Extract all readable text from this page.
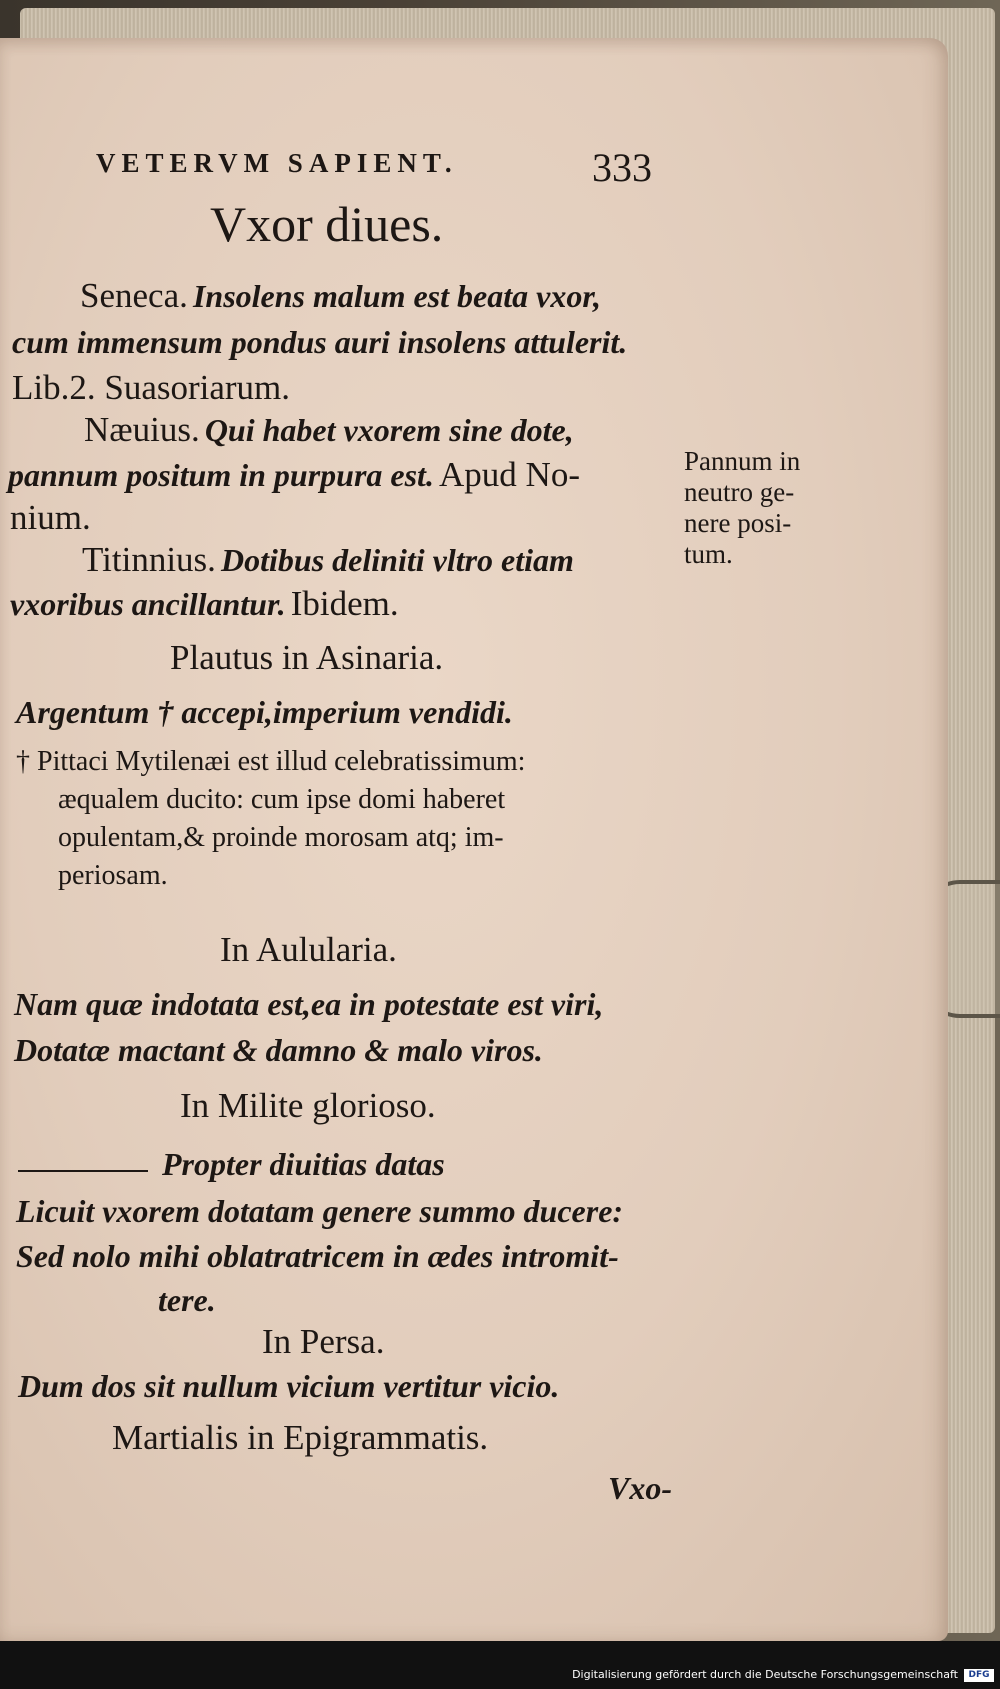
VETERVM SAPIENT.	333
Vxor diues.
Seneca. Insolens malum est beata vxor,
cum immensum pondus auri insolens attulerit.
Lib.2. Suasoriarum.
Næuius. Qui habet vxorem sine dote,
pannum positum in purpura est. Apud No-
nium.
Titinnius. Dotibus deliniti vltro etiam
vxoribus ancillantur. Ibidem.
Pannum in
neutro ge-
nere posi-
tum.
Plautus in Asinaria.
Argentum † accepi,imperium vendidi.
† Pittaci Mytilenæi est illud celebratissimum:
æqualem ducito: cum ipse domi haberet
opulentam,& proinde morosam atq; im-
periosam.
In Aulularia.
Nam quæ indotata est,ea in potestate est viri,
Dotatæ mactant & damno & malo viros.
In Milite glorioso.
Propter diuitias datas
Licuit vxorem dotatam genere summo ducere:
Sed nolo mihi oblatratricem in ædes intromit-
tere.
In Persa.
Dum dos sit nullum vicium vertitur vicio.
Martialis in Epigrammatis.
Vxo-
Digitalisierung gefördert durch die Deutsche Forschungsgemeinschaft	DFG
